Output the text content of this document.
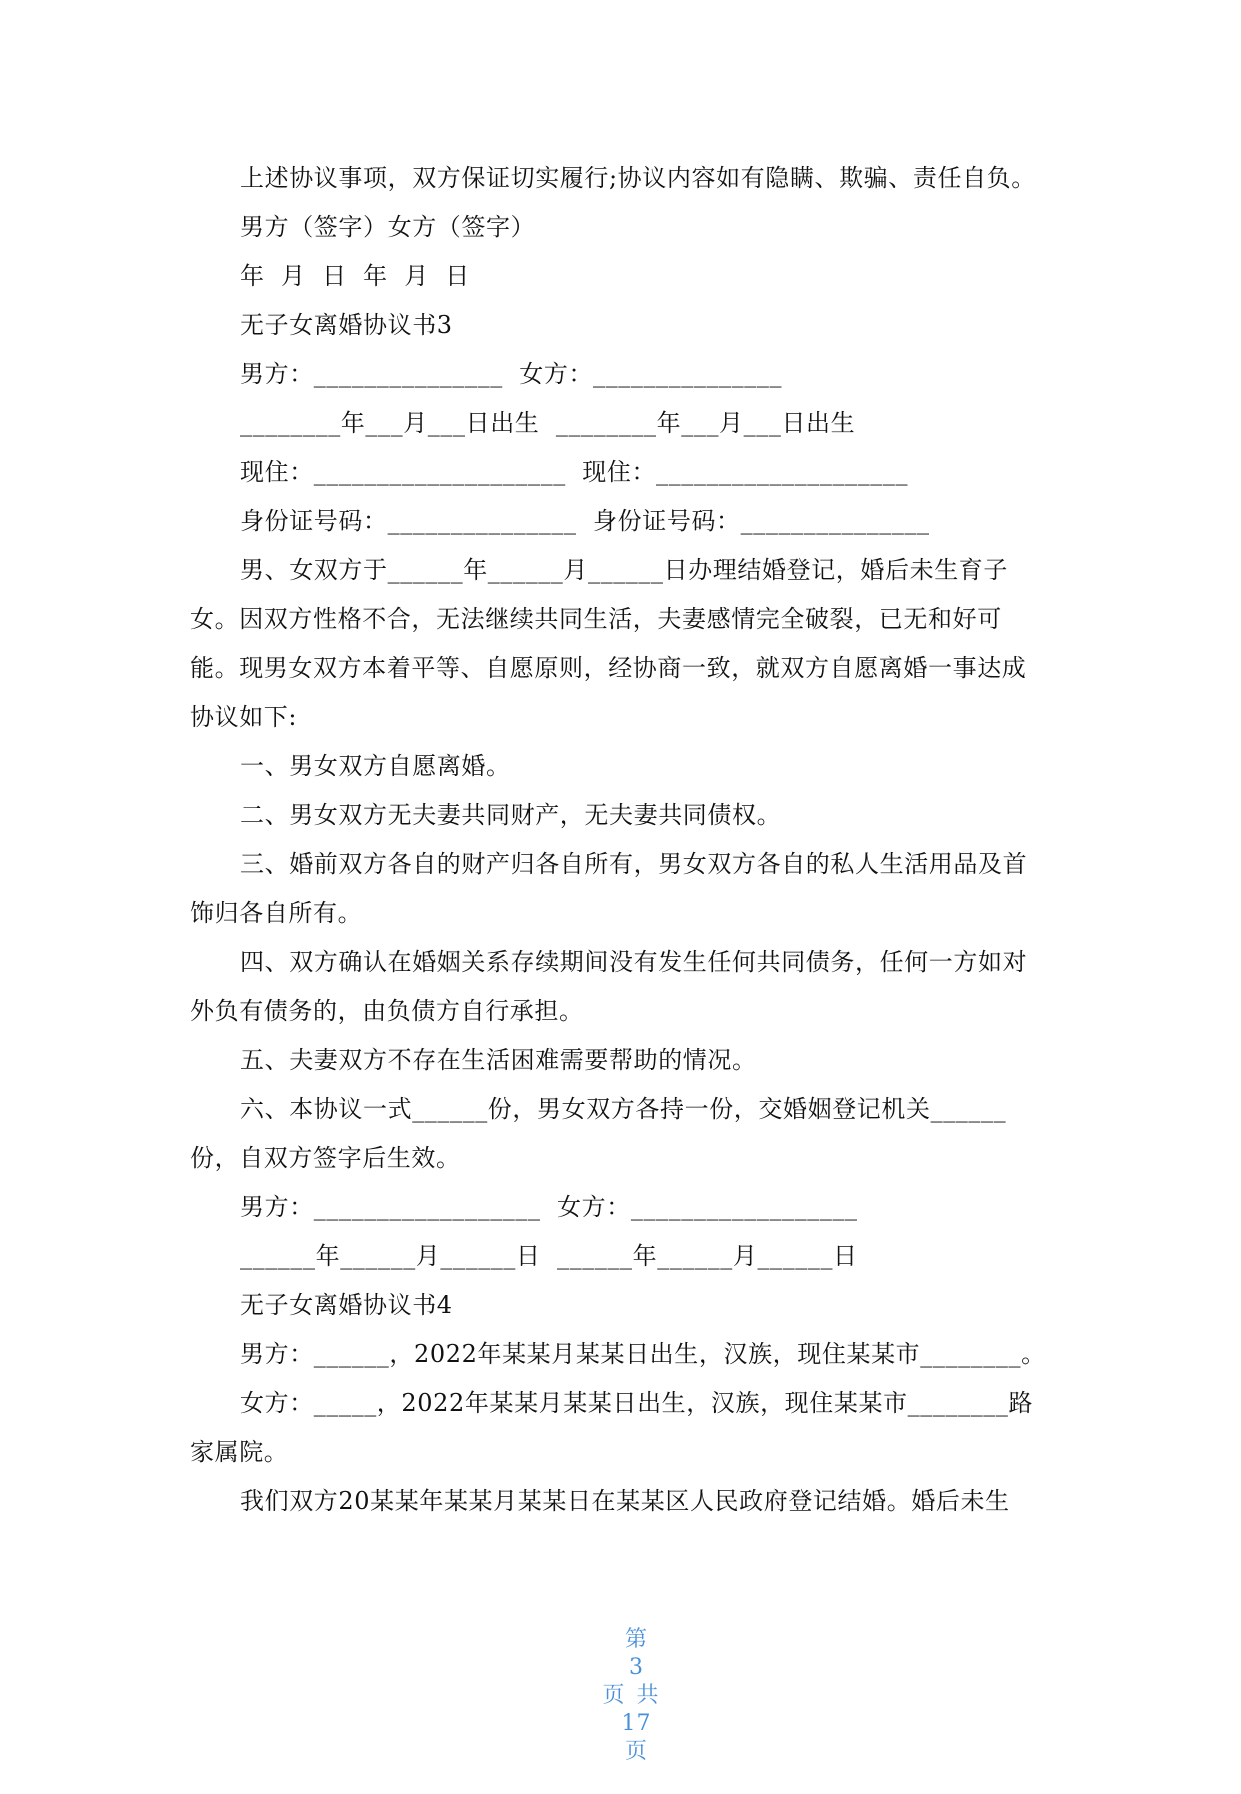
上述协议事项，双方保证切实履行;协议内容如有隐瞒、欺骗、责任自负。
男方（签字）女方（签字）
年  月  日  年  月  日
无子女离婚协议书3
男方：_______________  女方：_______________
________年___月___日出生  ________年___月___日出生
现住：____________________  现住：____________________
身份证号码：_______________  身份证号码：_______________
男、女双方于______年______月______日办理结婚登记，婚后未生育子
女。因双方性格不合，无法继续共同生活，夫妻感情完全破裂，已无和好可
能。现男女双方本着平等、自愿原则，经协商一致，就双方自愿离婚一事达成
协议如下:
一、男女双方自愿离婚。
二、男女双方无夫妻共同财产，无夫妻共同债权。
三、婚前双方各自的财产归各自所有，男女双方各自的私人生活用品及首
饰归各自所有。
四、双方确认在婚姻关系存续期间没有发生任何共同债务，任何一方如对
外负有债务的，由负债方自行承担。
五、夫妻双方不存在生活困难需要帮助的情况。
六、本协议一式______份，男女双方各持一份，交婚姻登记机关______
份，自双方签字后生效。
男方：__________________  女方：__________________
______年______月______日  ______年______月______日
无子女离婚协议书4
男方：______，2022年某某月某某日出生，汉族，现住某某市________。
女方：_____，2022年某某月某某日出生，汉族，现住某某市________路
家属院。
我们双方20某某年某某月某某日在某某区人民政府登记结婚。婚后未生

第
3
页共
17
页
